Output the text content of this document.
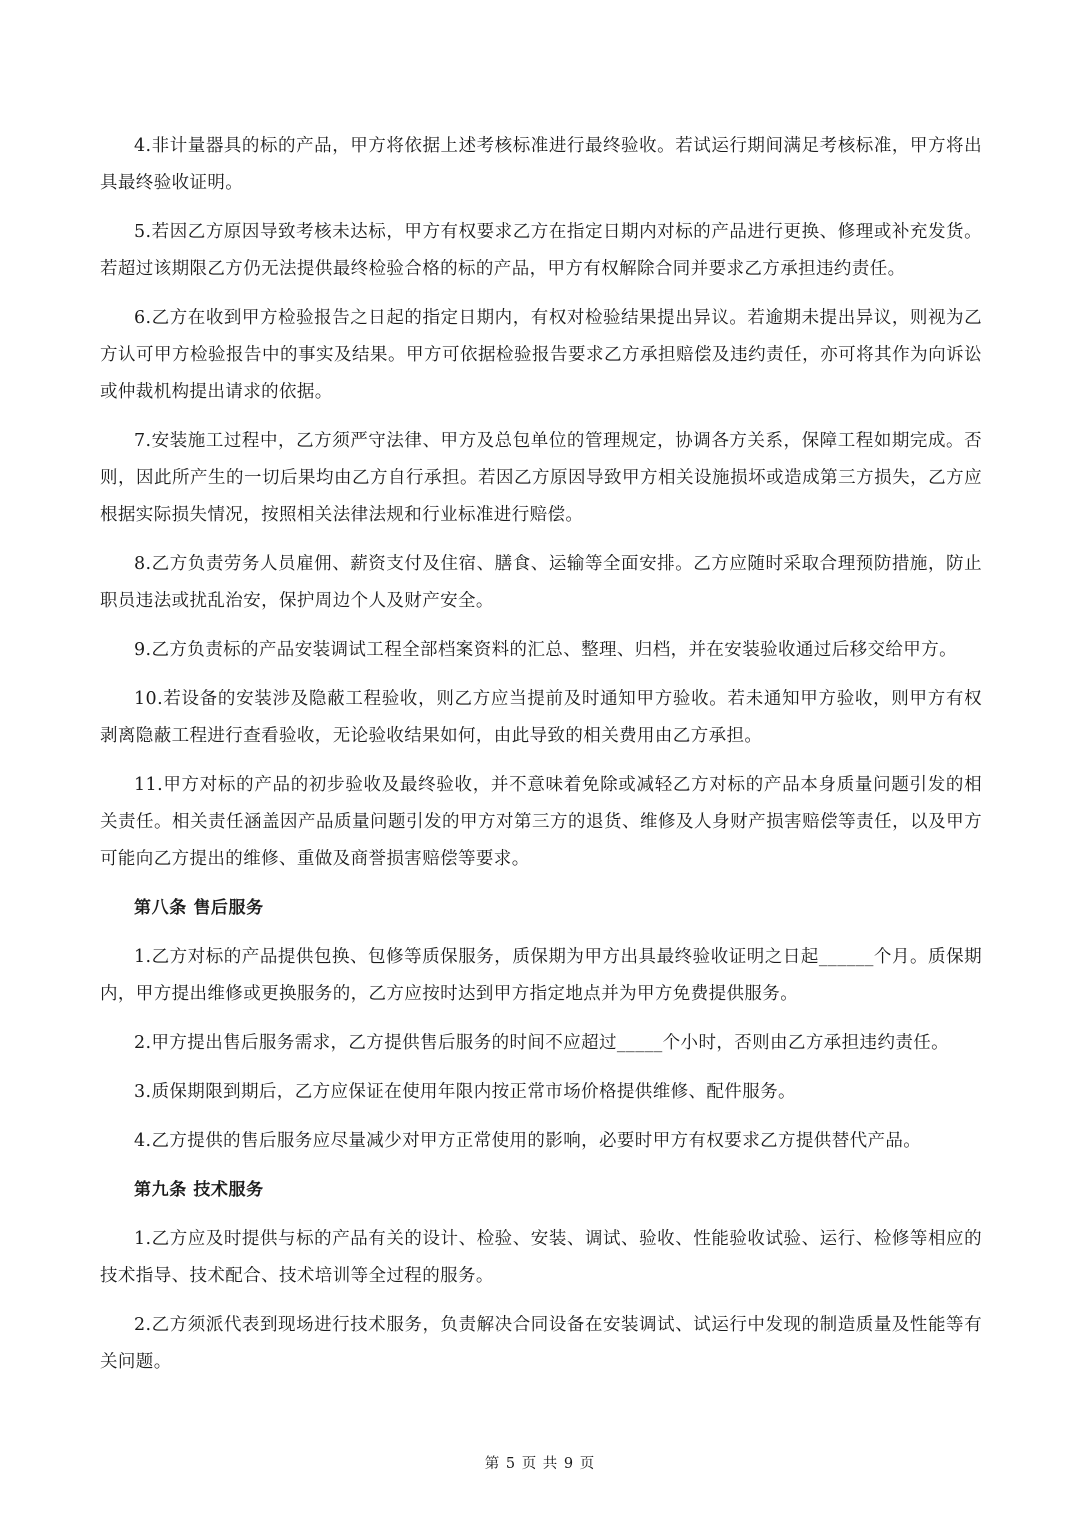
4.非计量器具的标的产品，甲方将依据上述考核标准进行最终验收。若试运行期间满足考核标准，甲方将出具最终验收证明。

5.若因乙方原因导致考核未达标，甲方有权要求乙方在指定日期内对标的产品进行更换、修理或补充发货。若超过该期限乙方仍无法提供最终检验合格的标的产品，甲方有权解除合同并要求乙方承担违约责任。

6.乙方在收到甲方检验报告之日起的指定日期内，有权对检验结果提出异议。若逾期未提出异议，则视为乙方认可甲方检验报告中的事实及结果。甲方可依据检验报告要求乙方承担赔偿及违约责任，亦可将其作为向诉讼或仲裁机构提出请求的依据。

7.安装施工过程中，乙方须严守法律、甲方及总包单位的管理规定，协调各方关系，保障工程如期完成。否则，因此所产生的一切后果均由乙方自行承担。若因乙方原因导致甲方相关设施损坏或造成第三方损失，乙方应根据实际损失情况，按照相关法律法规和行业标准进行赔偿。

8.乙方负责劳务人员雇佣、薪资支付及住宿、膳食、运输等全面安排。乙方应随时采取合理预防措施，防止职员违法或扰乱治安，保护周边个人及财产安全。

9.乙方负责标的产品安装调试工程全部档案资料的汇总、整理、归档，并在安装验收通过后移交给甲方。

10.若设备的安装涉及隐蔽工程验收，则乙方应当提前及时通知甲方验收。若未通知甲方验收，则甲方有权剥离隐蔽工程进行查看验收，无论验收结果如何，由此导致的相关费用由乙方承担。

11.甲方对标的产品的初步验收及最终验收，并不意味着免除或减轻乙方对标的产品本身质量问题引发的相关责任。相关责任涵盖因产品质量问题引发的甲方对第三方的退货、维修及人身财产损害赔偿等责任，以及甲方可能向乙方提出的维修、重做及商誉损害赔偿等要求。

第八条 售后服务

1.乙方对标的产品提供包换、包修等质保服务，质保期为甲方出具最终验收证明之日起______个月。质保期内，甲方提出维修或更换服务的，乙方应按时达到甲方指定地点并为甲方免费提供服务。

2.甲方提出售后服务需求，乙方提供售后服务的时间不应超过_____个小时，否则由乙方承担违约责任。

3.质保期限到期后，乙方应保证在使用年限内按正常市场价格提供维修、配件服务。

4.乙方提供的售后服务应尽量减少对甲方正常使用的影响，必要时甲方有权要求乙方提供替代产品。

第九条 技术服务

1.乙方应及时提供与标的产品有关的设计、检验、安装、调试、验收、性能验收试验、运行、检修等相应的技术指导、技术配合、技术培训等全过程的服务。

2.乙方须派代表到现场进行技术服务，负责解决合同设备在安装调试、试运行中发现的制造质量及性能等有关问题。

第 5 页 共 9 页
